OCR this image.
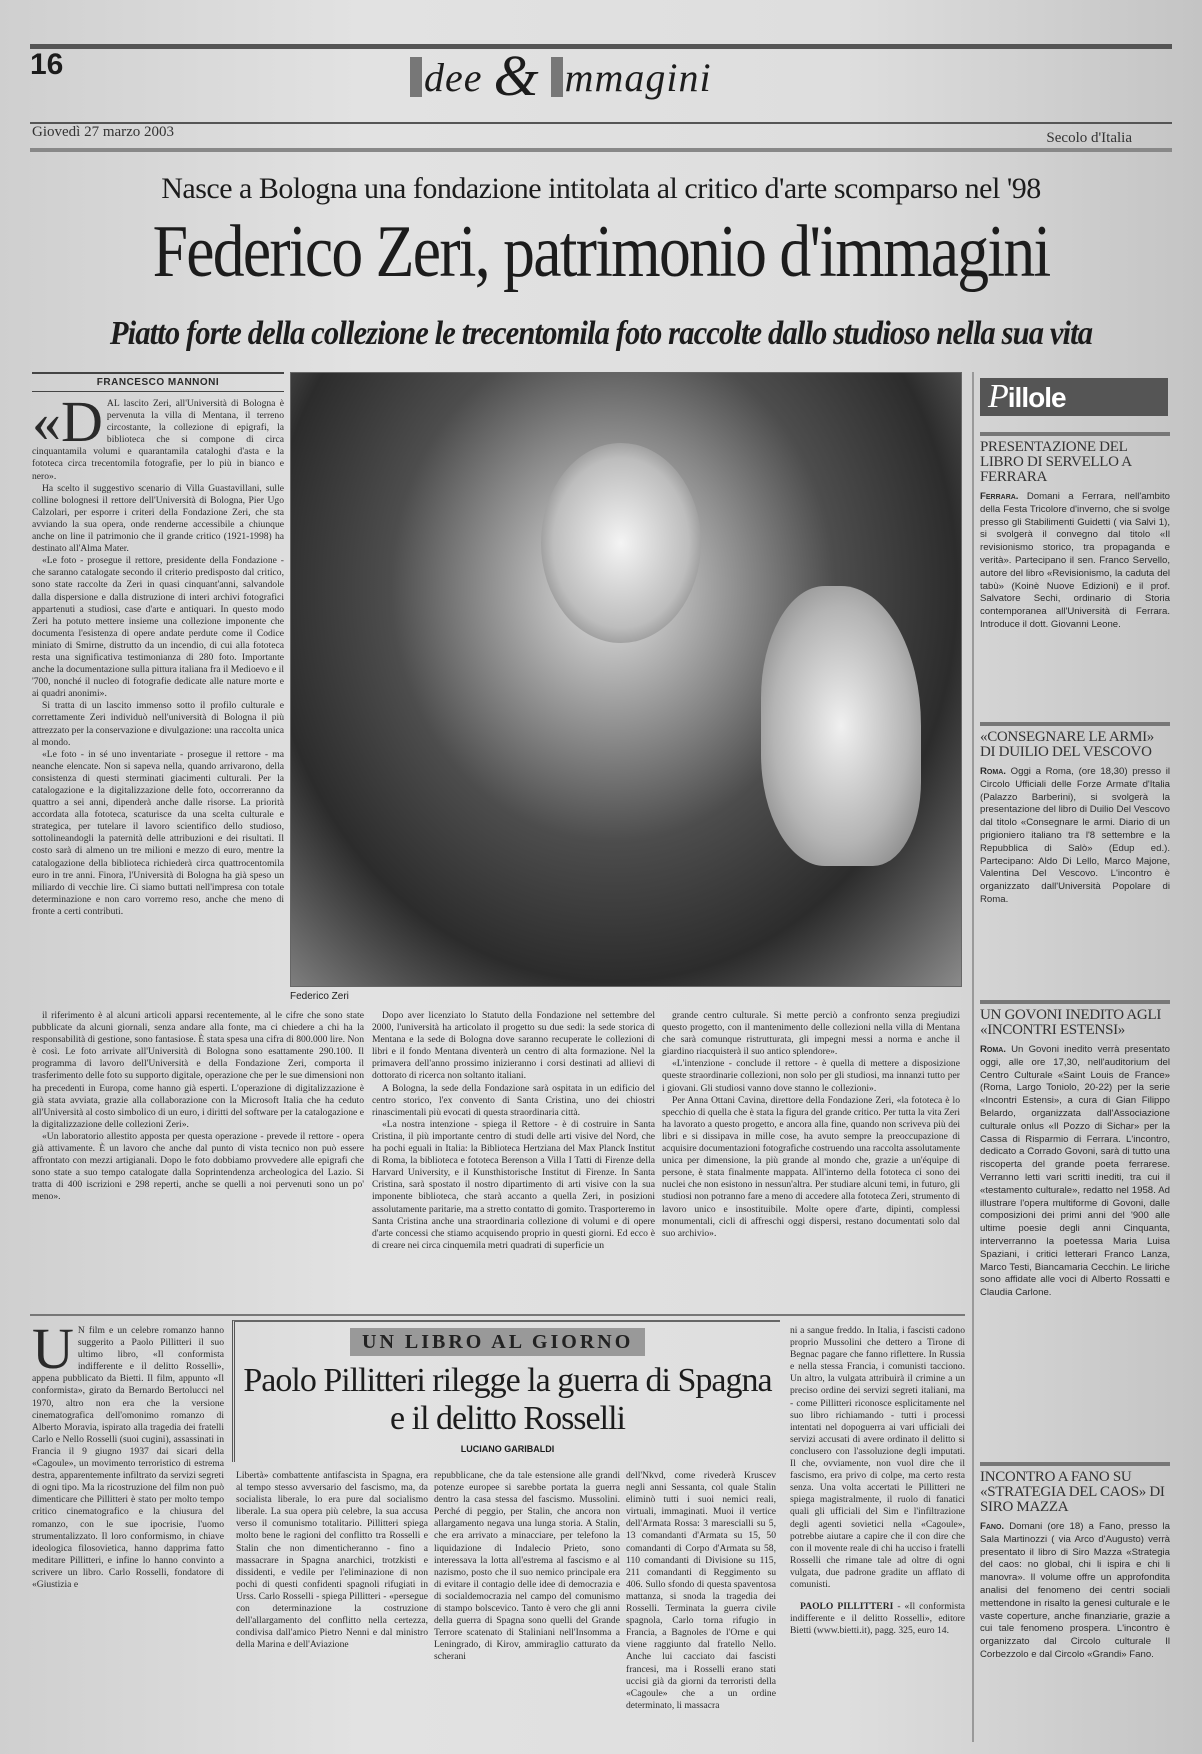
16	dee & mmagini
Giovedì 27 marzo 2003	Secolo d'Italia
Nasce a Bologna una fondazione intitolata al critico d'arte scomparso nel '98
Federico Zeri, patrimonio d'immagini
Piatto forte della collezione le trecentomila foto raccolte dallo studioso nella sua vita
FRANCESCO MANNONI
«D AL lascito Zeri, all'Università di Bologna è pervenuta la villa di Mentana, il terreno circostante, la collezione di epigrafi, la biblioteca che si compone di circa cinquantamila volumi e quarantamila cataloghi d'asta e la fototeca circa trecentomila fotografie, per lo più in bianco e nero».

Ha scelto il suggestivo scenario di Villa Guastavillani, sulle colline bolognesi il rettore dell'Università di Bologna, Pier Ugo Calzolari, per esporre i criteri della Fondazione Zeri, che sta avviando la sua opera, onde renderne accessibile a chiunque anche on line il patrimonio che il grande critico (1921-1998) ha destinato all'Alma Mater.

«Le foto - prosegue il rettore, presidente della Fondazione - che saranno catalogate secondo il criterio predisposto dal critico, sono state raccolte da Zeri in quasi cinquant'anni, salvandole dalla dispersione e dalla distruzione di interi archivi fotografici appartenuti a studiosi, case d'arte e antiquari. In questo modo Zeri ha potuto mettere insieme una collezione imponente che documenta l'esistenza di opere andate perdute come il Codice miniato di Smirne, distrutto da un incendio, di cui alla fototeca resta una significativa testimonianza di 280 foto. Importante anche la documentazione sulla pittura italiana fra il Medioevo e il '700, nonché il nucleo di fotografie dedicate alle nature morte e ai quadri anonimi».

Si tratta di un lascito immenso sotto il profilo culturale e correttamente Zeri individuò nell'università di Bologna il più attrezzato per la conservazione e divulgazione: una raccolta unica al mondo.

«Le foto - in sé uno inventariate - prosegue il rettore - ma neanche elencate. Non si sapeva nella, quando arrivarono, della consistenza di questi sterminati giacimenti culturali. Per la catalogazione e la digitalizzazione delle foto, occorreranno da quattro a sei anni, dipenderà anche dalle risorse. La priorità accordata alla fototeca, scaturisce da una scelta culturale e strategica, per tutelare il lavoro scientifico dello studioso, sottolineandogli la paternità delle attribuzioni e dei risultati. Il costo sarà di almeno un tre milioni e mezzo di euro, mentre la catalogazione della biblioteca richiederà circa quattrocentomila euro in tre anni. Finora, l'Università di Bologna ha già speso un miliardo di vecchie lire. Ci siamo buttati nell'impresa con totale determinazione e non caro vorremo reso, anche che meno di fronte a certi contributi.

Federico Zeri

il riferimento è al alcuni articoli apparsi recentemente, al le cifre che sono state pubblicate da alcuni giornali, senza andare alla fonte, ma ci chiedere a chi ha la responsabilità di gestione, sono fantasiose. È stata spesa una cifra di 800.000 lire. Non è così. Le foto arrivate all'Università di Bologna sono esattamente 290.100. Il programma di lavoro dell'Università e della Fondazione Zeri, comporta il trasferimento delle foto su supporto digitale, operazione che per le sue dimensioni non ha precedenti in Europa, come hanno già esperti. L'operazione di digitalizzazione è già stata avviata, grazie alla collaborazione con la Microsoft Italia che ha ceduto all'Università al costo simbolico di un euro, i diritti del software per la catalogazione e la digitalizzazione delle collezioni Zeri».

«Un laboratorio allestito apposta per questa operazione - prevede il rettore - opera già attivamente. È un lavoro che anche dal punto di vista tecnico non può essere affrontato con mezzi artigianali. Dopo le foto dobbiamo provvedere alle epigrafi che sono state a suo tempo catalogate dalla Soprintendenza archeologica del Lazio. Si tratta di 400 iscrizioni e 298 reperti, anche se quelli a noi pervenuti sono un po' meno».

Dopo aver licenziato lo Statuto della Fondazione nel settembre del 2000, l'università ha articolato il progetto su due sedi: la sede storica di Mentana e la sede di Bologna dove saranno recuperate le collezioni di libri e il fondo Mentana diventerà un centro di alta formazione. Nel la primavera dell'anno prossimo inizieranno i corsi destinati ad allievi di dottorato di ricerca non soltanto italiani.

A Bologna, la sede della Fondazione sarà ospitata in un edificio del centro storico, l'ex convento di Santa Cristina, uno dei chiostri rinascimentali più evocati di questa straordinaria città.

«La nostra intenzione - spiega il Rettore - è di costruire in Santa Cristina, il più importante centro di studi delle arti visive del Nord, che ha pochi eguali in Italia: la Biblioteca Hertziana del Max Planck Institut di Roma, la biblioteca e fototeca Berenson a Villa I Tatti di Firenze della Harvard University, e il Kunsthistorische Institut di Firenze. In Santa Cristina, sarà spostato il nostro dipartimento di arti visive con la sua imponente biblioteca, che starà accanto a quella Zeri, in posizioni assolutamente paritarie, ma a stretto contatto di gomito. Trasporteremo in Santa Cristina anche una straordinaria collezione di volumi e di opere d'arte concessi che stiamo acquisendo proprio in questi giorni. Ed ecco è di creare nei circa cinquemila metri quadrati di superficie un

grande centro culturale. Si mette perciò a confronto senza pregiudizi questo progetto, con il mantenimento delle collezioni nella villa di Mentana che sarà comunque ristrutturata, gli impegni messi a norma e anche il giardino riacquisterà il suo antico splendore».

«L'intenzione - conclude il rettore - è quella di mettere a disposizione queste straordinarie collezioni, non solo per gli studiosi, ma innanzi tutto per i giovani. Gli studiosi vanno dove stanno le collezioni».

Per Anna Ottani Cavina, direttore della Fondazione Zeri, «la fototeca è lo specchio di quella che è stata la figura del grande critico. Per tutta la vita Zeri ha lavorato a questo progetto, e ancora alla fine, quando non scriveva più dei libri e si dissipava in mille cose, ha avuto sempre la preoccupazione di acquisire documentazioni fotografiche costruendo una raccolta assolutamente unica per dimensione, la più grande al mondo che, grazie a un'équipe di persone, è stata finalmente mappata. All'interno della fototeca ci sono dei nuclei che non esistono in nessun'altra. Per studiare alcuni temi, in futuro, gli studiosi non potranno fare a meno di accedere alla fototeca Zeri, strumento di lavoro unico e insostituibile. Molte opere d'arte, dipinti, complessi monumentali, cicli di affreschi oggi dispersi, restano documentati solo dal suo archivio».

Pillole
PRESENTAZIONE DEL LIBRO DI SERVELLO A FERRARA

Ferrara. Domani a Ferrara, nell'ambito della Festa Tricolore d'inverno, che si svolge presso gli Stabilimenti Guidetti ( via Salvi 1), si svolgerà il convegno dal titolo «Il revisionismo storico, tra propaganda e verità». Partecipano il sen. Franco Servello, autore del libro «Revisionismo, la caduta del tabù» (Koinè Nuove Edizioni) e il prof. Salvatore Sechi, ordinario di Storia contemporanea all'Università di Ferrara. Introduce il dott. Giovanni Leone.

«CONSEGNARE LE ARMI» DI DUILIO DEL VESCOVO

Roma. Oggi a Roma, (ore 18,30) presso il Circolo Ufficiali delle Forze Armate d'Italia (Palazzo Barberini), si svolgerà la presentazione del libro di Duilio Del Vescovo dal titolo «Consegnare le armi. Diario di un prigioniero italiano tra l'8 settembre e la Repubblica di Salò» (Edup ed.). Partecipano: Aldo Di Lello, Marco Majone, Valentina Del Vescovo. L'incontro è organizzato dall'Università Popolare di Roma.

UN GOVONI INEDITO AGLI «INCONTRI ESTENSI»

Roma. Un Govoni inedito verrà presentato oggi, alle ore 17,30, nell'auditorium del Centro Culturale «Saint Louis de France» (Roma, Largo Toniolo, 20-22) per la serie «Incontri Estensi», a cura di Gian Filippo Belardo, organizzata dall'Associazione culturale onlus «Il Pozzo di Sichar» per la Cassa di Risparmio di Ferrara. L'incontro, dedicato a Corrado Govoni, sarà di tutto una riscoperta del grande poeta ferrarese. Verranno letti vari scritti inediti, tra cui il «testamento culturale», redatto nel 1958. Ad illustrare l'opera multiforme di Govoni, dalle composizioni dei primi anni del '900 alle ultime poesie degli anni Cinquanta, interverranno la poetessa Maria Luisa Spaziani, i critici letterari Franco Lanza, Marco Testi, Biancamaria Cecchin. Le liriche sono affidate alle voci di Alberto Rossatti e Claudia Carlone.

INCONTRO A FANO SU «STRATEGIA DEL CAOS» DI SIRO MAZZA

Fano. Domani (ore 18) a Fano, presso la Sala Martinozzi ( via Arco d'Augusto) verrà presentato il libro di Siro Mazza «Strategia del caos: no global, chi li ispira e chi li manovra». Il volume offre un approfondita analisi del fenomeno dei centri sociali mettendone in risalto la genesi culturale e le vaste coperture, anche finanziarie, grazie a cui tale fenomeno prospera. L'incontro è organizzato dal Circolo culturale Il Corbezzolo e dal Circolo «Grandi» Fano.

U N film e un celebre romanzo hanno suggerito a Paolo Pillitteri il suo ultimo libro, «Il conformista indifferente e il delitto Rosselli», appena pubblicato da Bietti. Il film, appunto «Il conformista», girato da Bernardo Bertolucci nel 1970, altro non era che la versione cinematografica dell'omonimo romanzo di Alberto Moravia, ispirato alla tragedia dei fratelli Carlo e Nello Rosselli (suoi cugini), assassinati in Francia il 9 giugno 1937 dai sicari della «Cagoule», un movimento terroristico di estrema destra, apparentemente infiltrato da servizi segreti di ogni tipo. Ma la ricostruzione del film non può dimenticare che Pillitteri è stato per molto tempo critico cinematografico e la chiusura del romanzo, con le sue ipocrisie, l'uomo strumentalizzato. Il loro conformismo, in chiave ideologica filosovietica, hanno dapprima fatto meditare Pillitteri, e infine lo hanno convinto a scrivere un libro. Carlo Rosselli, fondatore di «Giustizia e
UN LIBRO AL GIORNO
Paolo Pillitteri rilegge la guerra di Spagna e il delitto Rosselli
LUCIANO GARIBALDI
Libertà» combattente antifascista in Spagna, era al tempo stesso avversario del fascismo, ma, da socialista liberale, lo era pure dal socialismo liberale. La sua opera più celebre, la sua accusa verso il comunismo totalitario. Pillitteri spiega molto bene le ragioni del conflitto tra Rosselli e Stalin che non dimenticheranno - fino a massacrare in Spagna anarchici, trotzkisti e dissidenti, e vedile per l'eliminazione di non pochi di questi confidenti spagnoli rifugiati in Urss. Carlo Rosselli - spiega Pillitteri - «persegue con determinazione la costruzione dell'allargamento del conflitto nella certezza, condivisa dall'amico Pietro Nenni e dal ministro della Marina e dell'Aviazione
repubblicane, che da tale estensione alle grandi potenze europee si sarebbe portata la guerra dentro la casa stessa del fascismo. Mussolini. Perché di peggio, per Stalin, che ancora non allargamento negava una lunga storia. A Stalin, che era arrivato a minacciare, per telefono la liquidazione di Indalecio Prieto, sono interessava la lotta all'estrema al fascismo e al nazismo, posto che il suo nemico principale era di evitare il contagio delle idee di democrazia e di socialdemocrazia nel campo del comunismo di stampo bolscevico. Tanto è vero che gli anni della guerra di Spagna sono quelli del Grande Terrore scatenato di Staliniani nell'Insomma a Leningrado, di Kirov, ammiraglio catturato da scherani
dell'Nkvd, come rivederà Kruscev negli anni Sessanta, col quale Stalin eliminò tutti i suoi nemici reali, virtuali, immaginati. Muoi il vertice dell'Armata Rossa: 3 marescialli su 5, 13 comandanti d'Armata su 15, 50 comandanti di Corpo d'Armata su 58, 110 comandanti di Divisione su 115, 211 comandanti di Reggimento su 406. Sullo sfondo di questa spaventosa mattanza, si snoda la tragedia dei Rosselli. Terminata la guerra civile spagnola, Carlo torna rifugio in Francia, a Bagnoles de l'Orne e qui viene raggiunto dal fratello Nello. Anche lui cacciato dai fascisti francesi, ma i Rosselli erano stati uccisi già da giorni da terroristi della «Cagoule» che a un ordine determinato, li massacra
ni a sangue freddo. In Italia, i fascisti cadono proprio Mussolini che dettero a Tirone di Begnac pagare che fanno riflettere. In Russia e nella stessa Francia, i comunisti tacciono. Un altro, la vulgata attribuirà il crimine a un preciso ordine dei servizi segreti italiani, ma - come Pillitteri riconosce esplicitamente nel suo libro richiamando - tutti i processi intentati nel dopoguerra ai vari ufficiali dei servizi accusati di avere ordinato il delitto si conclusero con l'assoluzione degli imputati. Il che, ovviamente, non vuol dire che il fascismo, era privo di colpe, ma certo resta senza. Una volta accertati le Pillitteri ne spiega magistralmente, il ruolo di fanatici quali gli ufficiali del Sim e l'infiltrazione degli agenti sovietici nella «Cagoule», potrebbe aiutare a capire che il con dire che con il movente reale di chi ha ucciso i fratelli Rosselli che rimane tale ad oltre di ogni vulgata, due padrone gradite un afflato di comunisti.

PAOLO PILLITTERI - «Il conformista indifferente e il delitto Rosselli», editore Bietti (www.bietti.it), pagg. 325, euro 14.
